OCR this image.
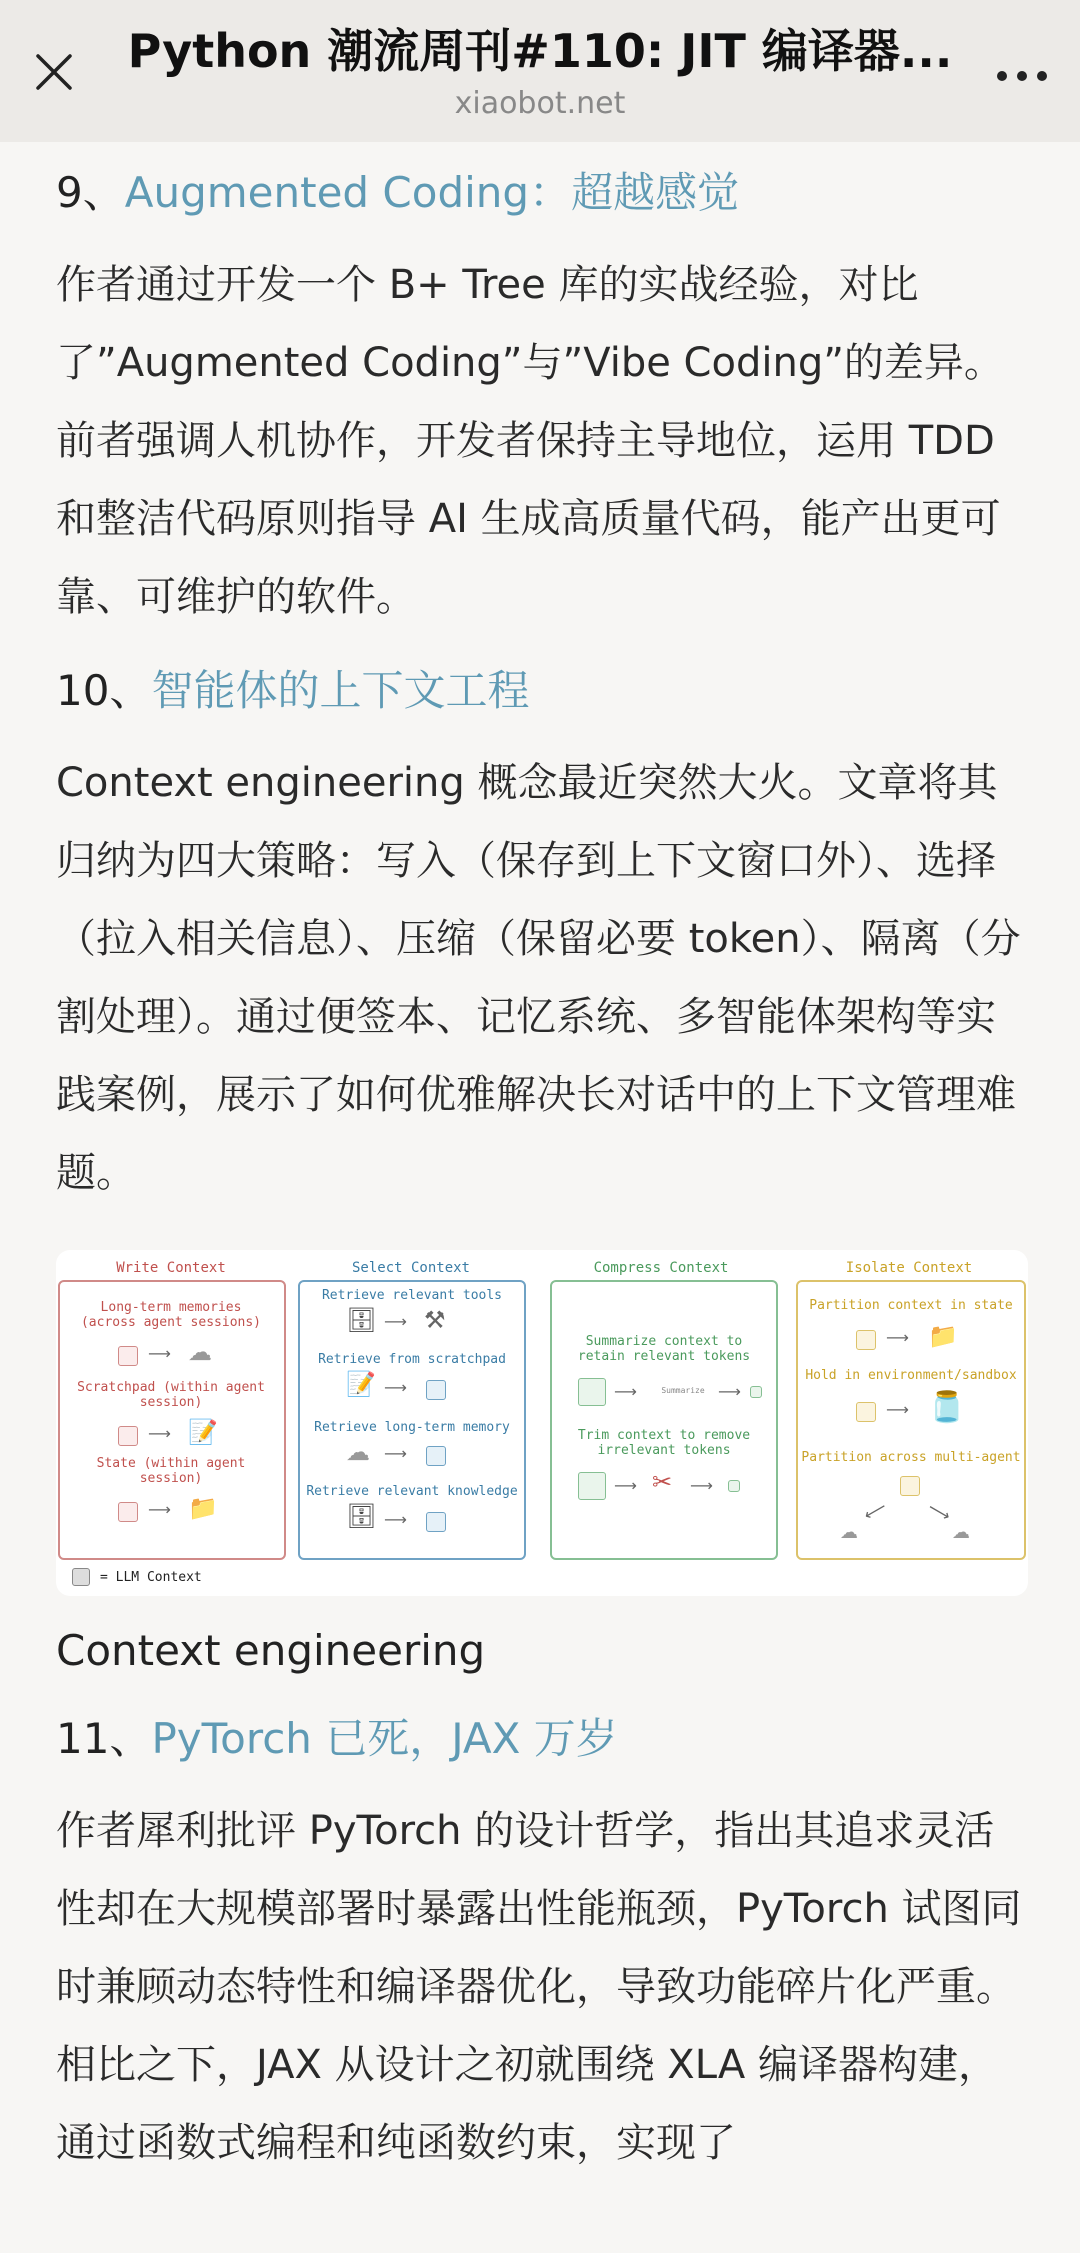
Python 潮流周刊#110: JIT 编译器...
xiaobot.net
9、Augmented Coding：超越感觉

作者通过开发一个 B+ Tree 库的实战经验，对比了”Augmented Coding”与”Vibe Coding”的差异。前者强调人机协作，开发者保持主导地位，运用 TDD 和整洁代码原则指导 AI 生成高质量代码，能产出更可靠、可维护的软件。

10、智能体的上下文工程

Context engineering 概念最近突然大火。文章将其归纳为四大策略：写入（保存到上下文窗口外）、选择（拉入相关信息）、压缩（保留必要 token）、隔离（分割处理）。通过便签本、记忆系统、多智能体架构等实践案例，展示了如何优雅解决长对话中的上下文管理难题。

Write Context
Long-term memories (across agent sessions)
⟶ ☁
Scratchpad (within agent session)
⟶ 📝
State (within agent session)
⟶ 📁
Select Context
Retrieve relevant tools
🗄 ⟶ ⚒
Retrieve from scratchpad
📝 ⟶
Retrieve long-term memory
☁ ⟶
Retrieve relevant knowledge
🗄 ⟶
Compress Context
Summarize context to retain relevant tokens
⟶	Summarize ⟶
Trim context to remove irrelevant tokens
⟶ ✂ ⟶
Isolate Context
Partition context in state
⟶ 📁
Hold in environment/sandbox
⟶ 🫙
Partition across multi-agent
⟶ ⟶
☁	☁
= LLM Context
Context engineering
11、PyTorch 已死，JAX 万岁

作者犀利批评 PyTorch 的设计哲学，指出其追求灵活性却在大规模部署时暴露出性能瓶颈，PyTorch 试图同时兼顾动态特性和编译器优化，导致功能碎片化严重。相比之下，JAX 从设计之初就围绕 XLA 编译器构建，通过函数式编程和纯函数约束，实现了
